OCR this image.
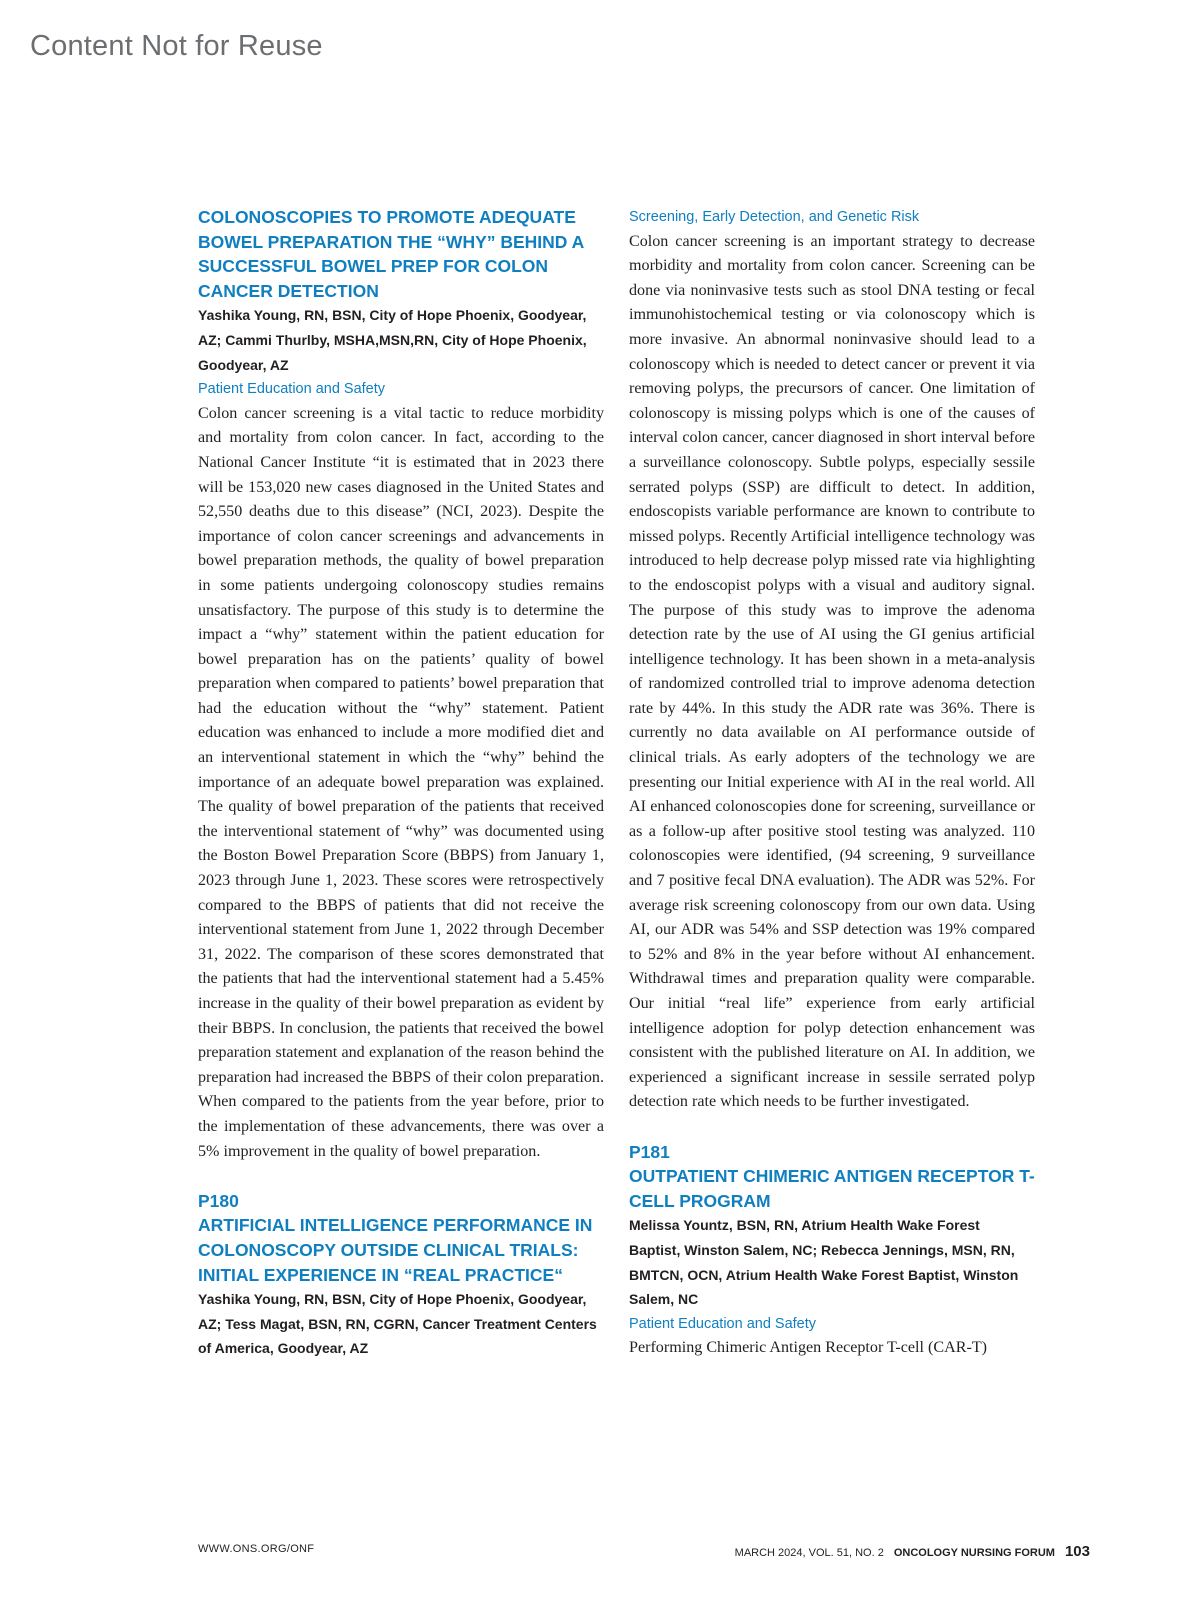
Content Not for Reuse
COLONOSCOPIES TO PROMOTE ADEQUATE BOWEL PREPARATION THE “WHY” BEHIND A SUCCESSFUL BOWEL PREP FOR COLON CANCER DETECTION

Yashika Young, RN, BSN, City of Hope Phoenix, Goodyear, AZ; Cammi Thurlby, MSHA,MSN,RN, City of Hope Phoenix, Goodyear, AZ

Patient Education and Safety

Colon cancer screening is a vital tactic to reduce morbidity and mortality from colon cancer. In fact, according to the National Cancer Institute “it is estimated that in 2023 there will be 153,020 new cases diagnosed in the United States and 52,550 deaths due to this disease” (NCI, 2023). Despite the importance of colon cancer screenings and advancements in bowel preparation methods, the quality of bowel preparation in some patients undergoing colonoscopy studies remains unsatisfactory. The purpose of this study is to determine the impact a “why” statement within the patient education for bowel preparation has on the patients’ quality of bowel preparation when compared to patients’ bowel preparation that had the education without the “why” statement. Patient education was enhanced to include a more modified diet and an interventional statement in which the “why” behind the importance of an adequate bowel preparation was explained. The quality of bowel preparation of the patients that received the interventional statement of “why” was documented using the Boston Bowel Preparation Score (BBPS) from January 1, 2023 through June 1, 2023. These scores were retrospectively compared to the BBPS of patients that did not receive the interventional statement from June 1, 2022 through December 31, 2022. The comparison of these scores demonstrated that the patients that had the interventional statement had a 5.45% increase in the quality of their bowel preparation as evident by their BBPS. In conclusion, the patients that received the bowel preparation statement and explanation of the reason behind the preparation had increased the BBPS of their colon preparation. When compared to the patients from the year before, prior to the implementation of these advancements, there was over a 5% improvement in the quality of bowel preparation.

P180
ARTIFICIAL INTELLIGENCE PERFORMANCE IN COLONOSCOPY OUTSIDE CLINICAL TRIALS: INITIAL EXPERIENCE IN “REAL PRACTICE“

Yashika Young, RN, BSN, City of Hope Phoenix, Goodyear, AZ; Tess Magat, BSN, RN, CGRN, Cancer Treatment Centers of America, Goodyear, AZ

Screening, Early Detection, and Genetic Risk

Colon cancer screening is an important strategy to decrease morbidity and mortality from colon cancer. Screening can be done via noninvasive tests such as stool DNA testing or fecal immunohistochemical testing or via colonoscopy which is more invasive. An abnormal noninvasive should lead to a colonoscopy which is needed to detect cancer or prevent it via removing polyps, the precursors of cancer. One limitation of colonoscopy is missing polyps which is one of the causes of interval colon cancer, cancer diagnosed in short interval before a surveillance colonoscopy. Subtle polyps, especially sessile serrated polyps (SSP) are difficult to detect. In addition, endoscopists variable performance are known to contribute to missed polyps. Recently Artificial intelligence technology was introduced to help decrease polyp missed rate via highlighting to the endoscopist polyps with a visual and auditory signal. The purpose of this study was to improve the adenoma detection rate by the use of AI using the GI genius artificial intelligence technology. It has been shown in a meta-analysis of randomized controlled trial to improve adenoma detection rate by 44%. In this study the ADR rate was 36%. There is currently no data available on AI performance outside of clinical trials. As early adopters of the technology we are presenting our Initial experience with AI in the real world. All AI enhanced colonoscopies done for screening, surveillance or as a follow-up after positive stool testing was analyzed. 110 colonoscopies were identified, (94 screening, 9 surveillance and 7 positive fecal DNA evaluation). The ADR was 52%. For average risk screening colonoscopy from our own data. Using AI, our ADR was 54% and SSP detection was 19% compared to 52% and 8% in the year before without AI enhancement. Withdrawal times and preparation quality were comparable. Our initial “real life” experience from early artificial intelligence adoption for polyp detection enhancement was consistent with the published literature on AI. In addition, we experienced a significant increase in sessile serrated polyp detection rate which needs to be further investigated.

P181
OUTPATIENT CHIMERIC ANTIGEN RECEPTOR T-CELL PROGRAM

Melissa Yountz, BSN, RN, Atrium Health Wake Forest Baptist, Winston Salem, NC; Rebecca Jennings, MSN, RN, BMTCN, OCN, Atrium Health Wake Forest Baptist, Winston Salem, NC

Patient Education and Safety

Performing Chimeric Antigen Receptor T-cell (CAR-T)

WWW.ONS.ORG/ONF	MARCH 2024, VOL. 51, NO. 2 ONCOLOGY NURSING FORUM 103
